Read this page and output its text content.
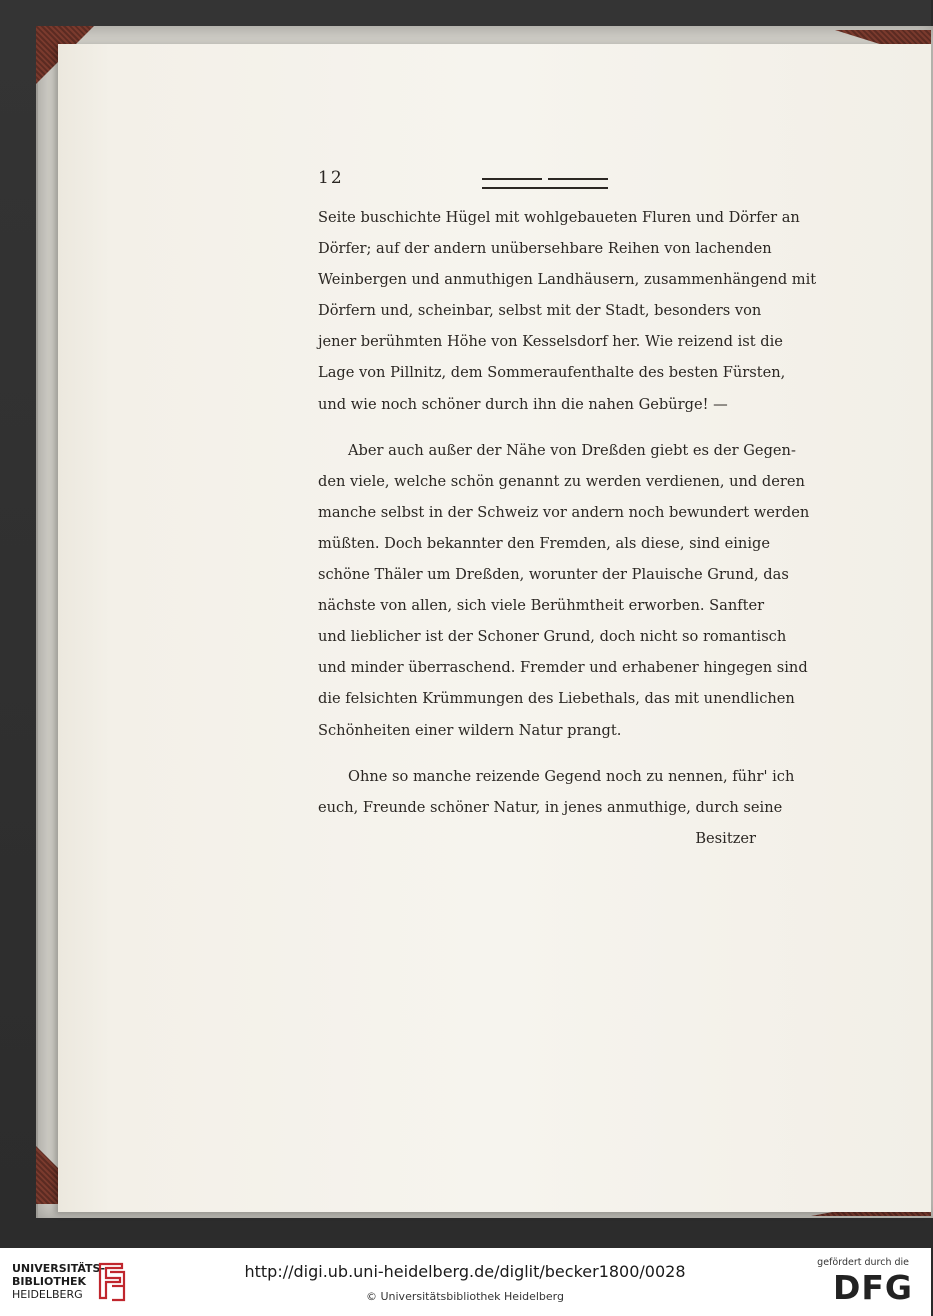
12
Seite buschichte Hügel mit wohlgebaueten Fluren und Dörfer an
Dörfer; auf der andern unübersehbare Reihen von lachenden
Weinbergen und anmuthigen Landhäusern, zusammenhängend mit
Dörfern und, scheinbar, selbst mit der Stadt, besonders von
jener berühmten Höhe von Kesselsdorf her. Wie reizend ist die
Lage von Pillnitz, dem Sommeraufenthalte des besten Fürsten,
und wie noch schöner durch ihn die nahen Gebürge! —
Aber auch außer der Nähe von Dreßden giebt es der Gegen-
den viele, welche schön genannt zu werden verdienen, und deren
manche selbst in der Schweiz vor andern noch bewundert werden
müßten. Doch bekannter den Fremden, als diese, sind einige
schöne Thäler um Dreßden, worunter der Plauische Grund, das
nächste von allen, sich viele Berühmtheit erworben. Sanfter
und lieblicher ist der Schoner Grund, doch nicht so romantisch
und minder überraschend. Fremder und erhabener hingegen sind
die felsichten Krümmungen des Liebethals, das mit unendlichen
Schönheiten einer wildern Natur prangt.
Ohne so manche reizende Gegend noch zu nennen, führ' ich
euch, Freunde schöner Natur, in jenes anmuthige, durch seine
Besitzer
UNIVERSITÄTS-
BIBLIOTHEK
HEIDELBERG
http://digi.ub.uni-heidelberg.de/diglit/becker1800/0028
© Universitätsbibliothek Heidelberg
gefördert durch die
DFG
